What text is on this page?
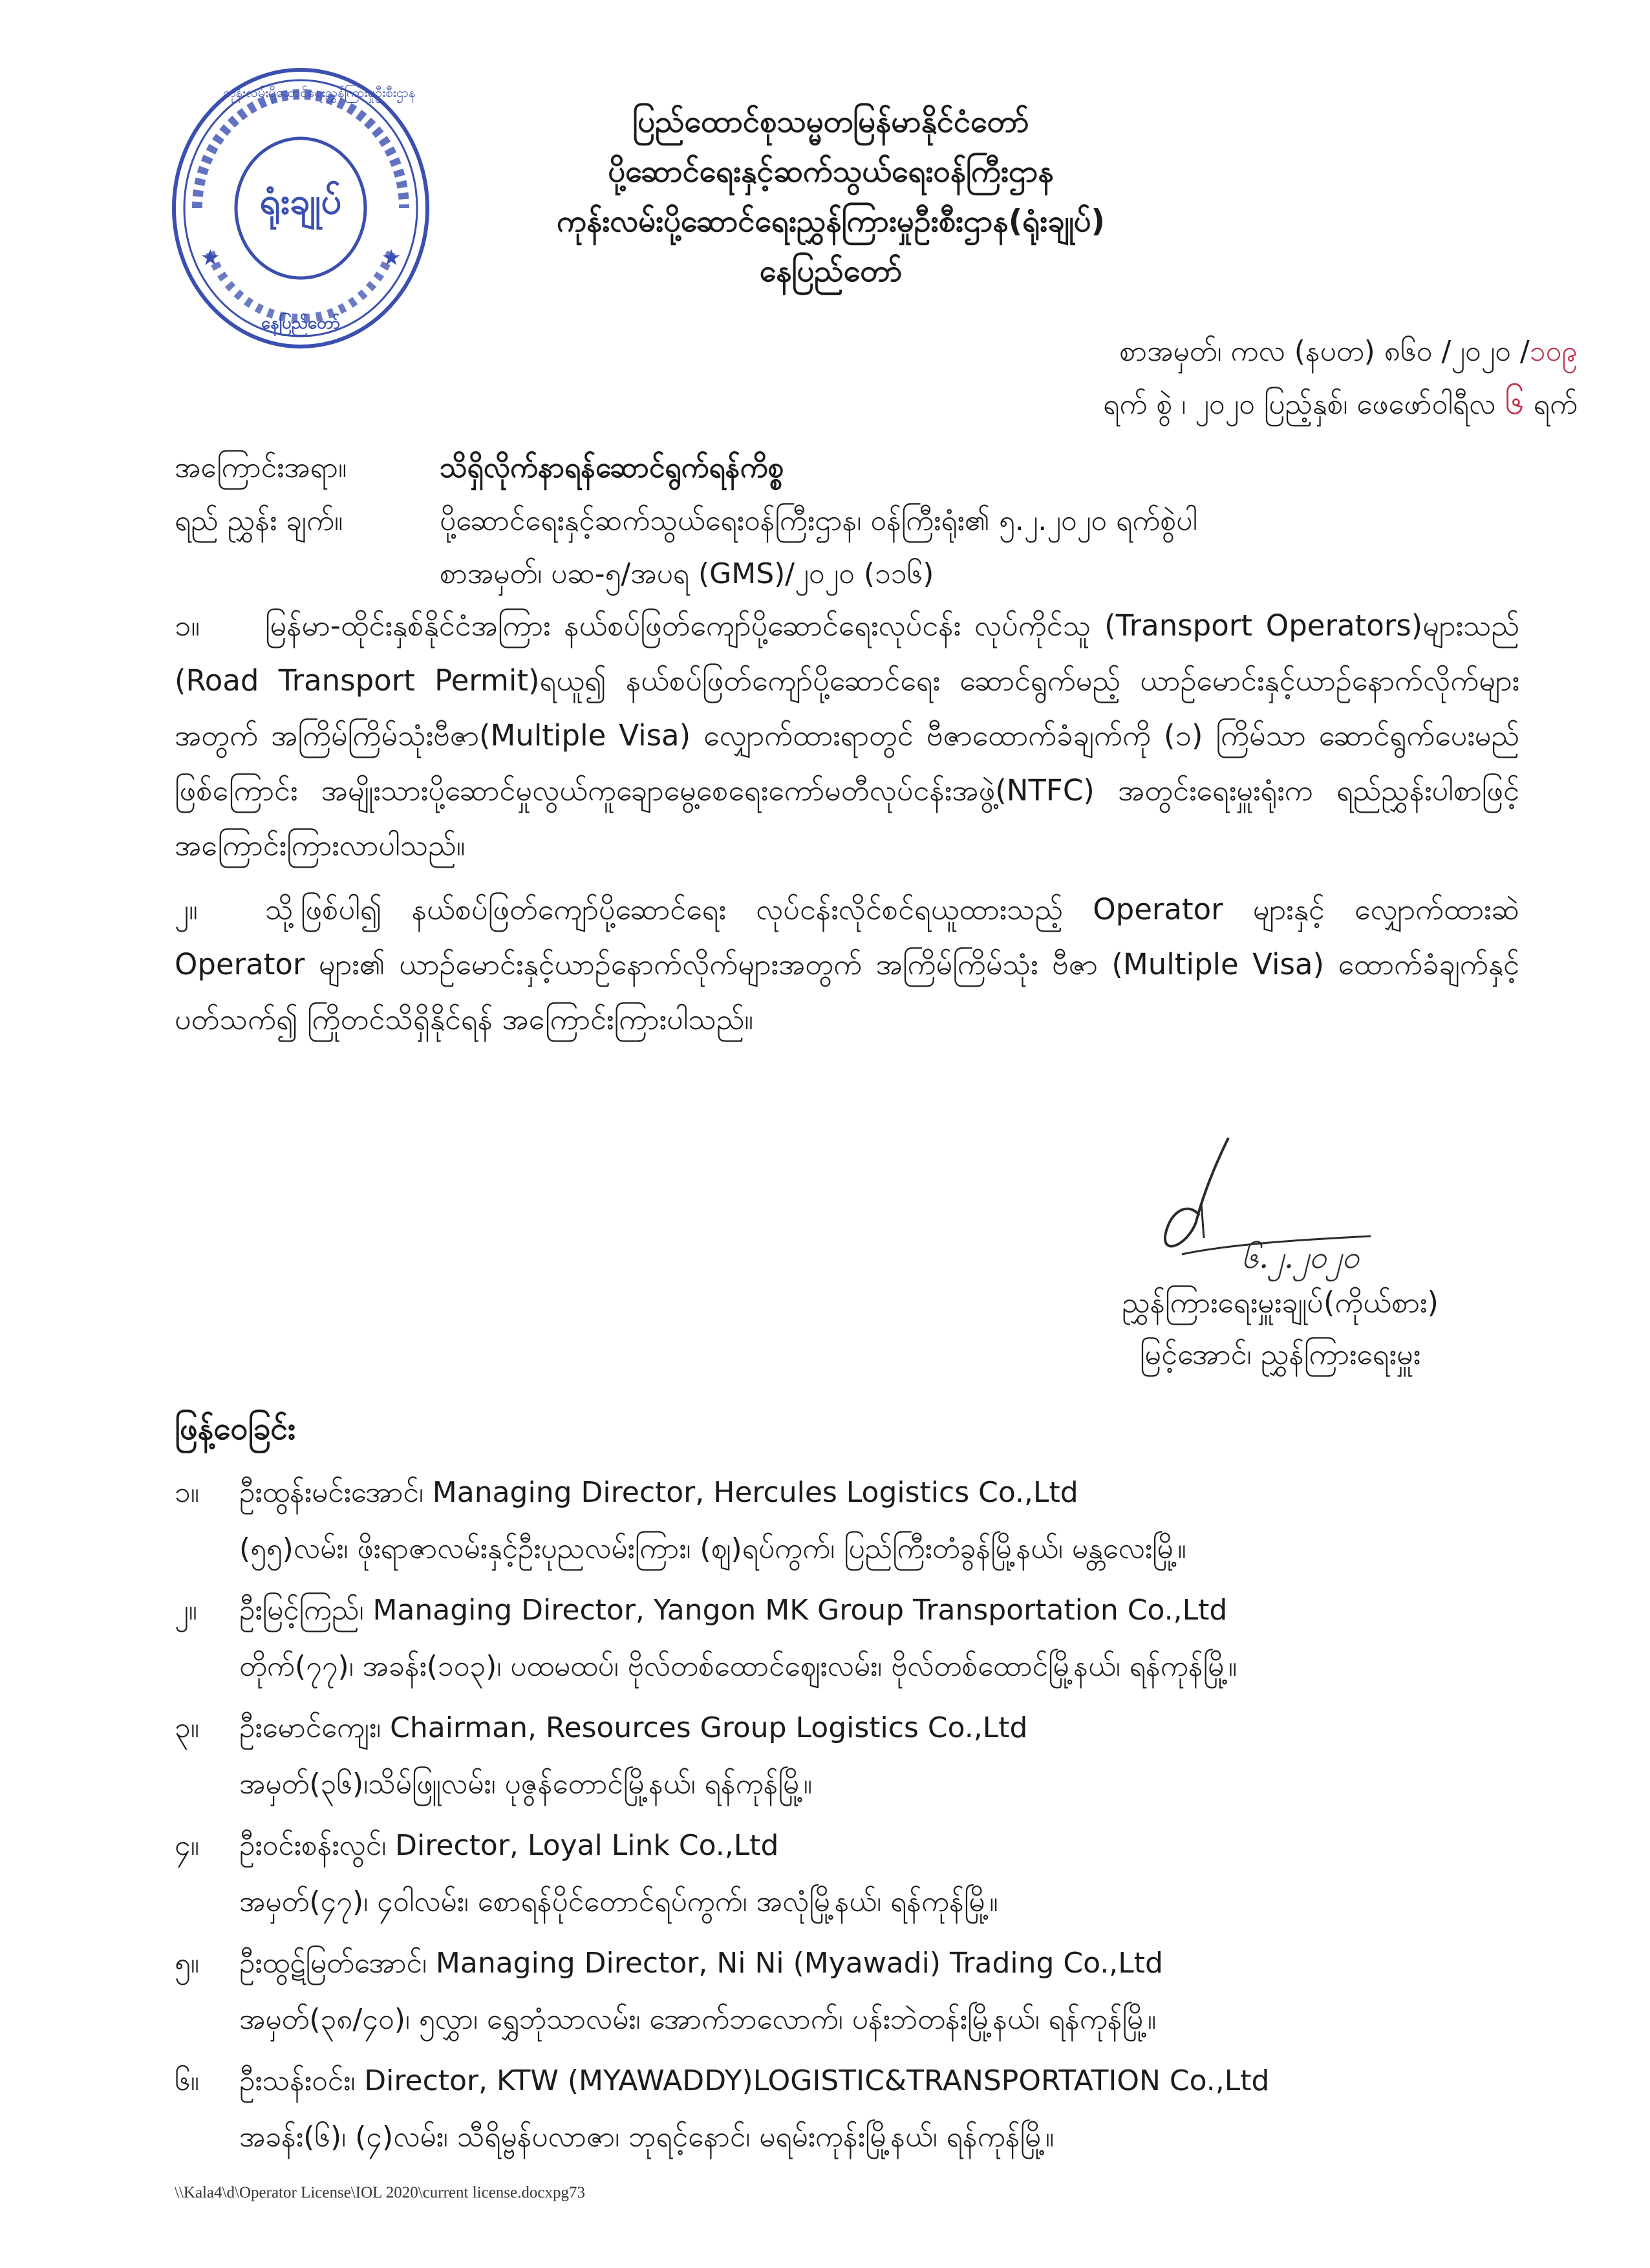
★	★
ရုံးချုပ်
ကုန်းလမ်းပို့ဆောင်ရေးညွှန်ကြားမှုဦးစီးဌာန
နေပြည်တော်
ပြည်ထောင်စုသမ္မတမြန်မာနိုင်ငံတော်
ပို့ဆောင်ရေးနှင့်ဆက်သွယ်ရေးဝန်ကြီးဌာန
ကုန်းလမ်းပို့ဆောင်ရေးညွှန်ကြားမှုဦးစီးဌာန(ရုံးချုပ်)
နေပြည်တော်
စာအမှတ်၊ ကလ (နပတ) ၈၆၀ /၂၀၂၀ /၁၀၉
ရက် စွဲ ၊ ၂၀၂၀ ပြည့်နှစ်၊ ဖေဖော်ဝါရီလ ၆ ရက်
အကြောင်းအရာ။	သိရှိလိုက်နာရန်ဆောင်ရွက်ရန်ကိစ္စ
ရည် ညွှန်း ချက်။	ပို့ဆောင်ရေးနှင့်ဆက်သွယ်ရေးဝန်ကြီးဌာန၊ ဝန်ကြီးရုံး၏ ၅.၂.၂၀၂၀ ရက်စွဲပါ
စာအမှတ်၊ ပဆ-၅/အပရ (GMS)/၂၀၂၀ (၁၁၆)
၁။ မြန်မာ-ထိုင်းနှစ်နိုင်ငံအကြား နယ်စပ်ဖြတ်ကျော်ပို့ဆောင်ရေးလုပ်ငန်း လုပ်ကိုင်သူ (Transport Operators)များသည် (Road Transport Permit)ရယူ၍ နယ်စပ်ဖြတ်ကျော်ပို့ဆောင်ရေး ဆောင်ရွက်မည့် ယာဉ်မောင်းနှင့်ယာဉ်နောက်လိုက်များအတွက် အကြိမ်ကြိမ်သုံးဗီဇာ(Multiple Visa) လျှောက်ထားရာတွင် ဗီဇာထောက်ခံချက်ကို (၁) ကြိမ်သာ ဆောင်ရွက်ပေးမည်ဖြစ်ကြောင်း အမျိုးသားပို့ဆောင်မှုလွယ်ကူချောမွေ့စေရေးကော်မတီလုပ်ငန်းအဖွဲ့(NTFC) အတွင်းရေးမှူးရုံးက ရည်ညွှန်းပါစာဖြင့် အကြောင်းကြားလာပါသည်။
၂။ သို့ဖြစ်ပါ၍ နယ်စပ်ဖြတ်ကျော်ပို့ဆောင်ရေး လုပ်ငန်းလိုင်စင်ရယူထားသည့် Operator များနှင့် လျှောက်ထားဆဲ Operator များ၏ ယာဉ်မောင်းနှင့်ယာဉ်နောက်လိုက်များအတွက် အကြိမ်ကြိမ်သုံး ဗီဇာ (Multiple Visa) ထောက်ခံချက်နှင့် ပတ်သက်၍ ကြိုတင်သိရှိနိုင်ရန် အကြောင်းကြားပါသည်။
၆.၂.၂၀၂၀
ညွှန်ကြားရေးမှူးချုပ်(ကိုယ်စား)
မြင့်အောင်၊ ညွှန်ကြားရေးမှူး
ဖြန့်ဝေခြင်း
၁။	ဦးထွန်းမင်းအောင်၊ Managing Director, Hercules Logistics Co.,Ltd
(၅၅)လမ်း၊ ဖိုးရာဇာလမ်းနှင့်ဦးပုညလမ်းကြား၊ (ဈ)ရပ်ကွက်၊ ပြည်ကြီးတံခွန်မြို့နယ်၊ မန္တလေးမြို့။
၂။	ဦးမြင့်ကြည်၊ Managing Director, Yangon MK Group Transportation Co.,Ltd
တိုက်(၇၇)၊ အခန်း(၁၀၃)၊ ပထမထပ်၊ ဗိုလ်တစ်ထောင်ဈေးလမ်း၊ ဗိုလ်တစ်ထောင်မြို့နယ်၊ ရန်ကုန်မြို့။
၃။	ဦးမောင်ကျေး၊ Chairman, Resources Group Logistics Co.,Ltd
အမှတ်(၃၆)၊သိမ်ဖြူလမ်း၊ ပုဇွန်တောင်မြို့နယ်၊ ရန်ကုန်မြို့။
၄။	ဦးဝင်းစန်းလွင်၊ Director, Loyal Link Co.,Ltd
အမှတ်(၄၇)၊ ၄ဝါလမ်း၊ စောရန်ပိုင်တောင်ရပ်ကွက်၊ အလုံမြို့နယ်၊ ရန်ကုန်မြို့။
၅။	ဦးထွဋ်မြတ်အောင်၊ Managing Director, Ni Ni (Myawadi) Trading Co.,Ltd
အမှတ်(၃၈/၄၀)၊ ၅လွှာ၊ ရွှေဘုံသာလမ်း၊ အောက်ဘလောက်၊ ပန်းဘဲတန်းမြို့နယ်၊ ရန်ကုန်မြို့။
၆။	ဦးသန်းဝင်း၊ Director, KTW (MYAWADDY)LOGISTIC&TRANSPORTATION Co.,Ltd
အခန်း(၆)၊ (၄)လမ်း၊ သီရိမ္ဗန်ပလာဇာ၊ ဘုရင့်နောင်၊ မရမ်းကုန်းမြို့နယ်၊ ရန်ကုန်မြို့။
\\Kala4\d\Operator License\IOL 2020\current license.docxpg73
